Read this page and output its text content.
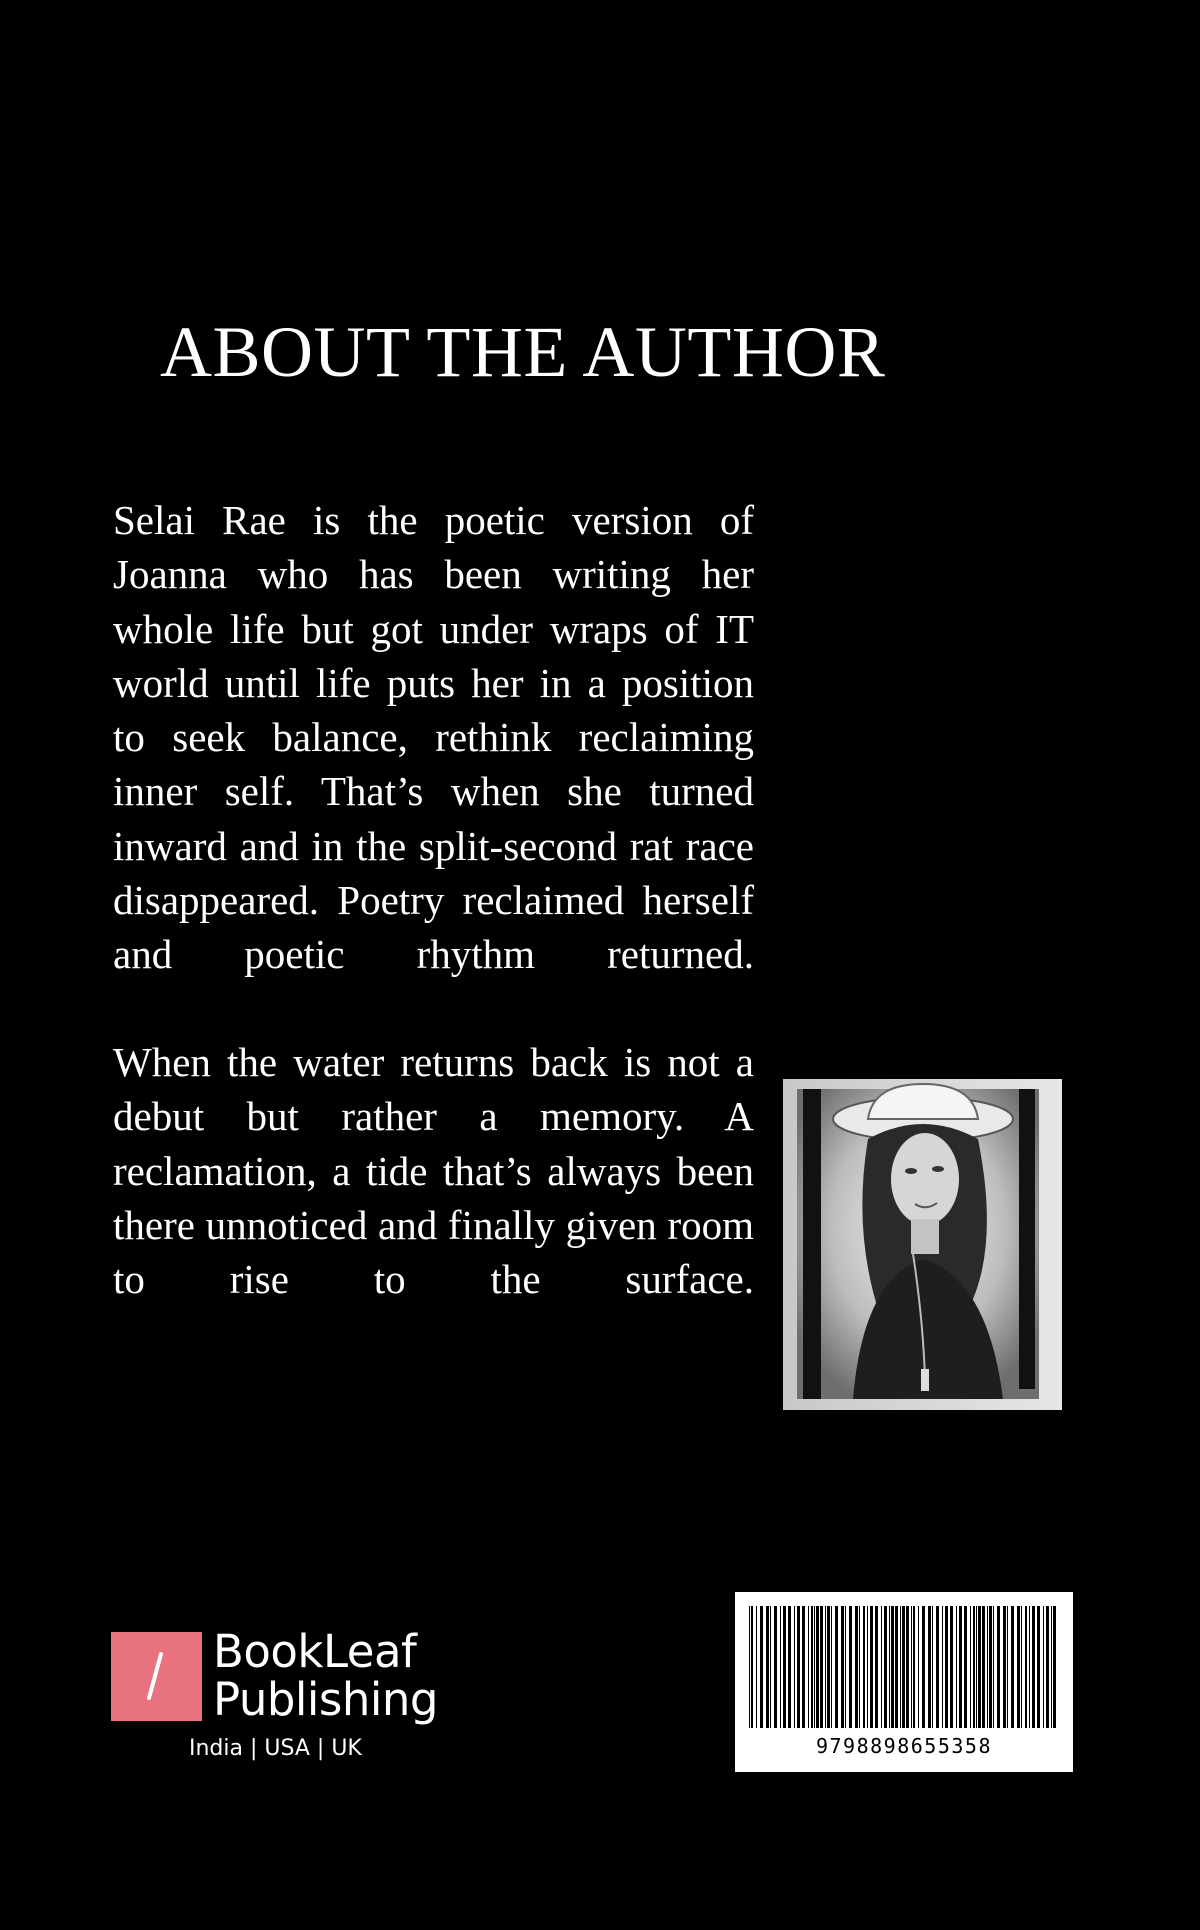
ABOUT THE AUTHOR

Selai Rae is the poetic version of Joanna who has been writing her whole life but got under wraps of IT world until life puts her in a position to seek balance, rethink reclaiming inner self. That’s when she turned inward and in the split-second rat race disappeared. Poetry reclaimed herself and poetic rhythm returned.

When the water returns back is not a debut but rather a memory. A reclamation, a tide that’s always been there unnoticed and finally given room to rise to the surface.

BookLeaf
Publishing
India | USA | UK	9798898655358
